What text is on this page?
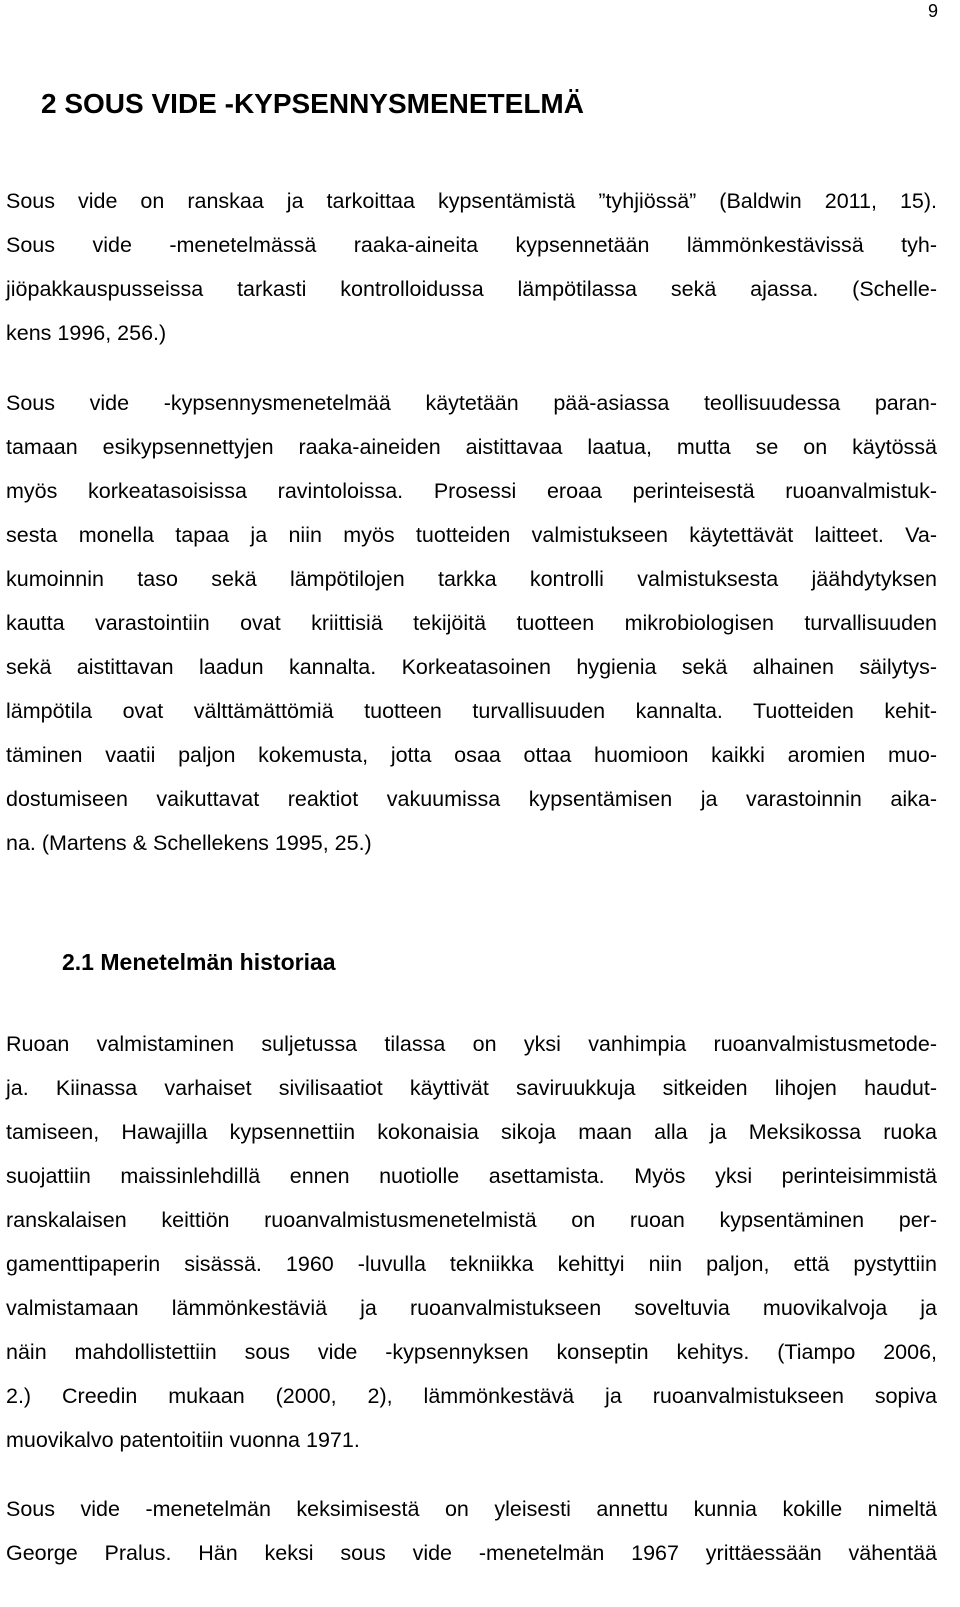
9
2 SOUS VIDE -KYPSENNYSMENETELMÄ
Sous vide on ranskaa ja tarkoittaa kypsentämistä ”tyhjiössä” (Baldwin 2011, 15).
Sous vide -menetelmässä raaka-aineita kypsennetään lämmönkestävissä tyh-
jiöpakkauspusseissa tarkasti kontrolloidussa lämpötilassa sekä ajassa. (Schelle-
kens 1996, 256.)
Sous vide -kypsennysmenetelmää käytetään pää-asiassa teollisuudessa paran-
tamaan esikypsennettyjen raaka-aineiden aistittavaa laatua, mutta se on käytössä
myös korkeatasoisissa ravintoloissa. Prosessi eroaa perinteisestä ruoanvalmistuk-
sesta monella tapaa ja niin myös tuotteiden valmistukseen käytettävät laitteet. Va-
kumoinnin taso sekä lämpötilojen tarkka kontrolli valmistuksesta jäähdytyksen
kautta varastointiin ovat kriittisiä tekijöitä tuotteen mikrobiologisen turvallisuuden
sekä aistittavan laadun kannalta. Korkeatasoinen hygienia sekä alhainen säilytys-
lämpötila ovat välttämättömiä tuotteen turvallisuuden kannalta. Tuotteiden kehit-
täminen vaatii paljon kokemusta, jotta osaa ottaa huomioon kaikki aromien muo-
dostumiseen vaikuttavat reaktiot vakuumissa kypsentämisen ja varastoinnin aika-
na. (Martens & Schellekens 1995, 25.)
2.1 Menetelmän historiaa
Ruoan valmistaminen suljetussa tilassa on yksi vanhimpia ruoanvalmistusmetode-
ja. Kiinassa varhaiset sivilisaatiot käyttivät saviruukkuja sitkeiden lihojen haudut-
tamiseen, Hawajilla kypsennettiin kokonaisia sikoja maan alla ja Meksikossa ruoka
suojattiin maissinlehdillä ennen nuotiolle asettamista. Myös yksi perinteisimmistä
ranskalaisen keittiön ruoanvalmistusmenetelmistä on ruoan kypsentäminen per-
gamenttipaperin sisässä. 1960 -luvulla tekniikka kehittyi niin paljon, että pystyttiin
valmistamaan lämmönkestäviä ja ruoanvalmistukseen soveltuvia muovikalvoja ja
näin mahdollistettiin sous vide -kypsennyksen konseptin kehitys. (Tiampo 2006,
2.) Creedin mukaan (2000, 2), lämmönkestävä ja ruoanvalmistukseen sopiva
muovikalvo patentoitiin vuonna 1971.
Sous vide -menetelmän keksimisestä on yleisesti annettu kunnia kokille nimeltä
George Pralus. Hän keksi sous vide -menetelmän 1967 yrittäessään vähentää
